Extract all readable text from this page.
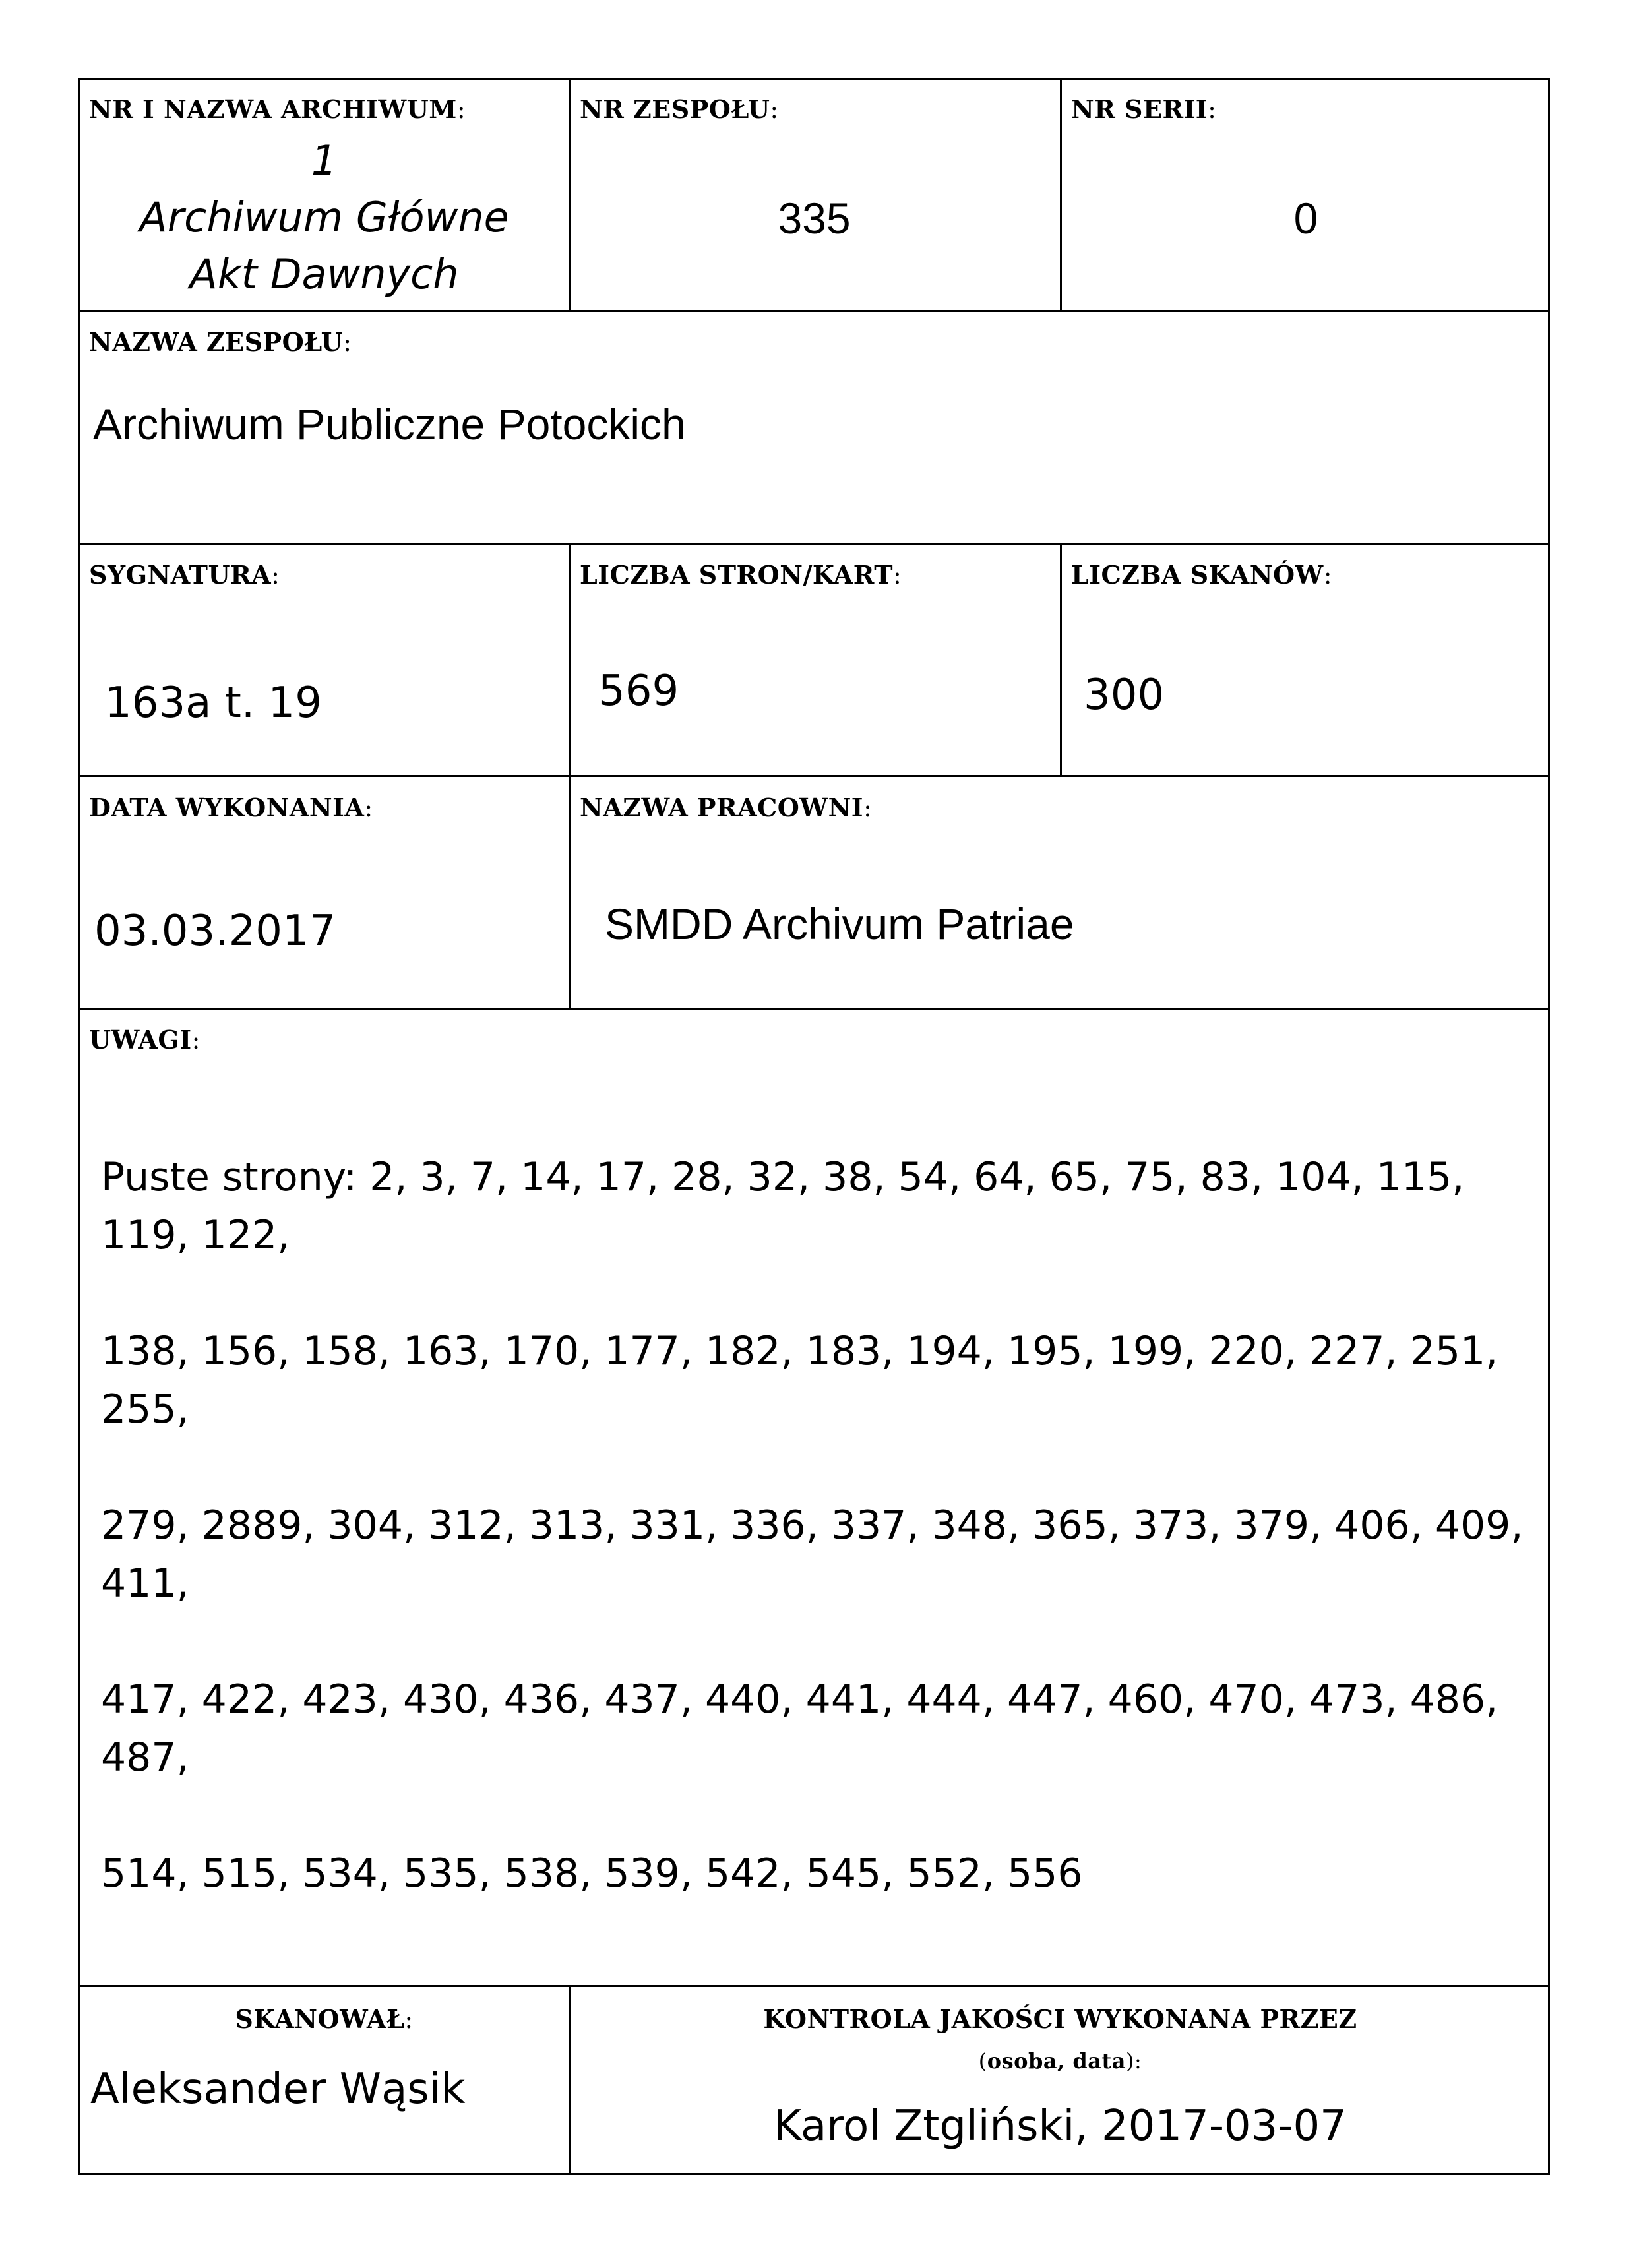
NR I NAZWA ARCHIWUM:
1
Archiwum Główne
Akt Dawnych
NR ZESPOŁU:
335
NR SERII:
0
NAZWA ZESPOŁU:
Archiwum Publiczne Potockich
SYGNATURA:
163a t. 19
LICZBA STRON/KART:
569
LICZBA SKANÓW:
300
DATA WYKONANIA:
03.03.2017
NAZWA PRACOWNI:
SMDD Archivum Patriae
UWAGI:

Puste strony: 2, 3, 7, 14, 17, 28, 32, 38, 54, 64, 65, 75, 83, 104, 115, 119, 122,

138, 156, 158, 163, 170, 177, 182, 183, 194, 195, 199, 220, 227, 251, 255,

279, 2889, 304, 312, 313, 331, 336, 337, 348, 365, 373, 379, 406, 409, 411,

417, 422, 423, 430, 436, 437, 440, 441, 444, 447, 460, 470, 473, 486, 487,

514, 515, 534, 535, 538, 539, 542, 545, 552, 556

SKANOWAŁ:
Aleksander Wąsik
KONTROLA JAKOŚCI WYKONANA PRZEZ
(osoba, data):
Karol Ztgliński, 2017-03-07
